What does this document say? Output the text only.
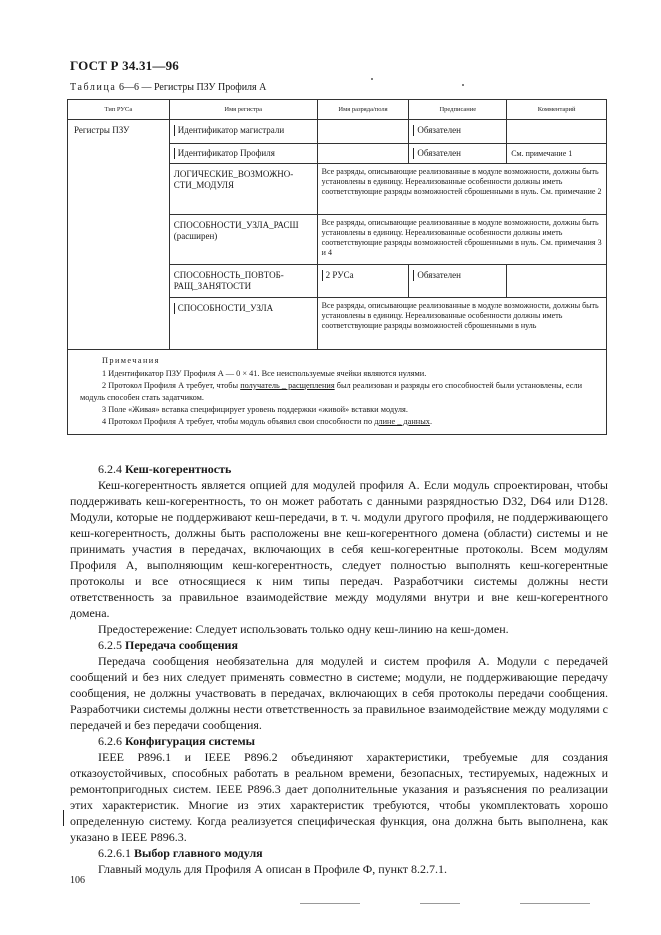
ГОСТ Р 34.31—96
Таблица 6—6 — Регистры ПЗУ Профиля А
Тип РУСа	Имя регистра	Имя разряда/поля	Предписание	Комментарий
Регистры ПЗУ	Идентификатор магистрали		Обязателен	

	Идентификатор Профиля		Обязателен	См. примечание 1
	ЛОГИЧЕСКИЕ_ВОЗМОЖНО-СТИ_МОДУЛЯ	Все разряды, описывающие реализованные в модуле возможности, должны быть установлены в единицу. Нереализованные особенности должны иметь соответствующие разряды возможностей сброшенными в нуль. См. примечание 2		

	СПОСОБНОСТИ_УЗЛА_РАСШ
(расширен)	Все разряды, описывающие реализованные в модуле возможности, должны быть установлены в единицу. Нереализованные особенности должны иметь соответствующие разряды возможностей сброшенными в нуль. См. примечания 3 и 4		
	СПОСОБНОСТЬ_ПОВТОБ-РАЩ_ЗАНЯТОСТИ	2 РУСа	Обязателен	

	СПОСОБНОСТИ_УЗЛА	Все разряды, описывающие реализованные в модуле возможности, должны быть установлены в единицу. Нереализованные особенности должны иметь соответствующие разряды возможностей сброшенными в нуль		

Примечания
1 Идентификатор ПЗУ Профиля А — 0 × 41. Все неиспользуемые ячейки являются нулями.
2 Протокол Профиля А требует, чтобы получатель _ расщепления был реализован и разряды его способностей были установлены, если модуль способен стать задатчиком.
3 Поле «Живая» вставка специфицирует уровень поддержки «живой» вставки модуля.
4 Протокол Профиля А требует, чтобы модуль объявил свои способности по длине _ данных.				

6.2.4 Кеш-когерентность

Кеш-когерентность является опцией для модулей профиля А. Если модуль спроектирован, чтобы поддерживать кеш-когерентность, то он может работать с данными разрядностью D32, D64 или D128. Модули, которые не поддерживают кеш-передачи, в т. ч. модули другого профиля, не поддерживающего кеш-когерентность, должны быть расположены вне кеш-когерентного домена (области) системы и не принимать участия в передачах, включающих в себя кеш-когерентные протоколы. Всем модулям Профиля А, выполняющим кеш-когерентность, следует полностью выполнять кеш-когерентные протоколы и все относящиеся к ним типы передач. Разработчики системы должны нести ответственность за правильное взаимодействие между модулями внутри и вне кеш-когерентного домена.

Предостережение: Следует использовать только одну кеш-линию на кеш-домен.

6.2.5 Передача сообщения

Передача сообщения необязательна для модулей и систем профиля А. Модули с передачей сообщений и без них следует применять совместно в системе; модули, не поддерживающие передачу сообщения, не должны участвовать в передачах, включающих в себя протоколы передачи сообщения. Разработчики системы должны нести ответственность за правильное взаимодействие между модулями с передачей и без передачи сообщения.

6.2.6 Конфигурация системы

IEEE P896.1 и IEEE P896.2 объединяют характеристики, требуемые для создания отказоустойчивых, способных работать в реальном времени, безопасных, тестируемых, надежных и ремонтопригодных систем. IEEE P896.3 дает дополнительные указания и разъяснения по реализации этих характеристик. Многие из этих характеристик требуются, чтобы укомплектовать хорошо определенную систему. Когда реализуется специфическая функция, она должна быть выполнена, как указано в IEEE P896.3.

6.2.6.1 Выбор главного модуля

Главный модуль для Профиля А описан в Профиле Ф, пункт 8.2.7.1.

106
